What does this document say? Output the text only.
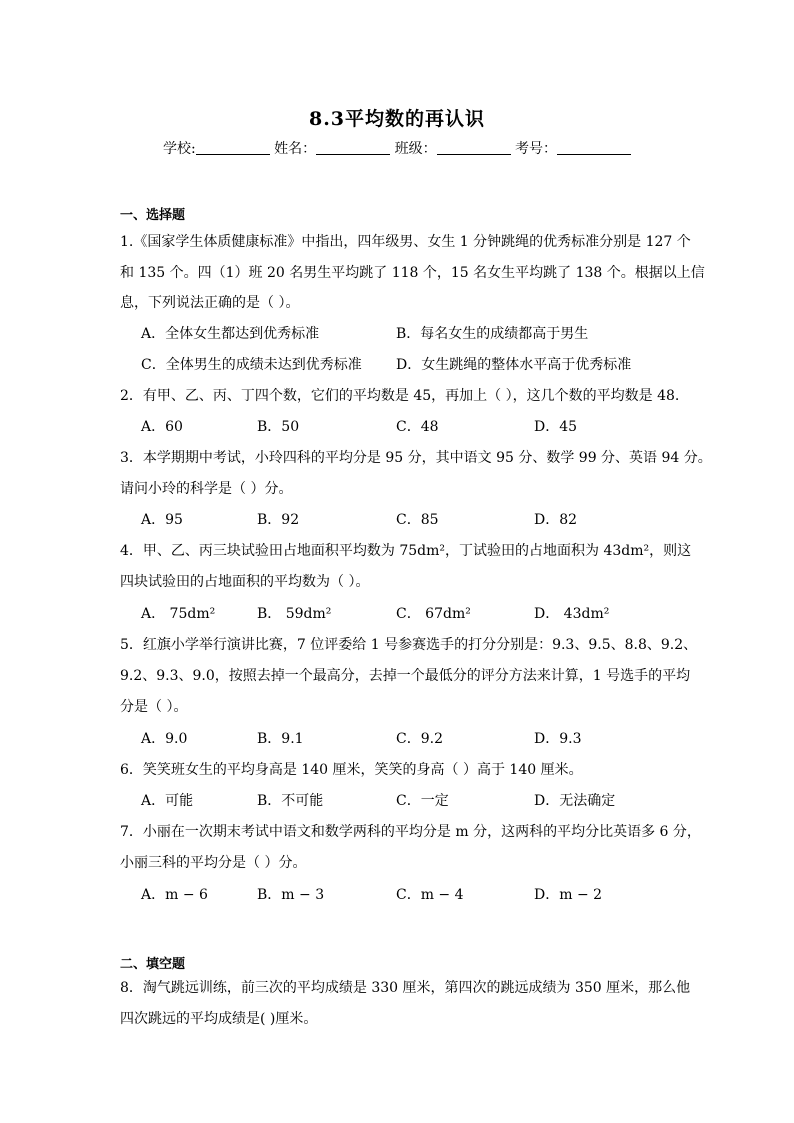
8.3平均数的再认识
学校:	姓名：	班级：	考号：
一、选择题
1.《国家学生体质健康标准》中指出，四年级男、女生 1 分钟跳绳的优秀标准分别是 127 个
和 135 个。四（1）班 20 名男生平均跳了 118 个，15 名女生平均跳了 138 个。根据以上信
息，下列说法正确的是（ ）。
A．全体女生都达到优秀标准	B．每名女生的成绩都高于男生
C．全体男生的成绩未达到优秀标准 D．女生跳绳的整体水平高于优秀标准
2．有甲、乙、丙、丁四个数，它们的平均数是 45，再加上（ ），这几个数的平均数是 48.
A．60	B．50	C．48	D．45
3．本学期期中考试，小玲四科的平均分是 95 分，其中语文 95 分、数学 99 分、英语 94 分。
请问小玲的科学是（ ）分。
A．95	B．92	C．85	D．82
4．甲、乙、丙三块试验田占地面积平均数为 75dm²，丁试验田的占地面积为 43dm²，则这
四块试验田的占地面积的平均数为（ ）。
A． 75dm²	B． 59dm²	C． 67dm²	D． 43dm²
5．红旗小学举行演讲比赛，7 位评委给 1 号参赛选手的打分分别是：9.3、9.5、8.8、9.2、
9.2、9.3、9.0，按照去掉一个最高分，去掉一个最低分的评分方法来计算，1 号选手的平均
分是（ ）。
A．9.0	B．9.1	C．9.2	D．9.3
6．笑笑班女生的平均身高是 140 厘米，笑笑的身高（ ）高于 140 厘米。
A．可能	B．不可能	C．一定	D．无法确定
7．小丽在一次期末考试中语文和数学两科的平均分是 m 分，这两科的平均分比英语多 6 分，
小丽三科的平均分是（ ）分。
A．m − 6	B．m − 3	C．m − 4	D．m − 2
二、填空题
8．淘气跳远训练，前三次的平均成绩是 330 厘米，第四次的跳远成绩为 350 厘米，那么他
四次跳远的平均成绩是( )厘米。
